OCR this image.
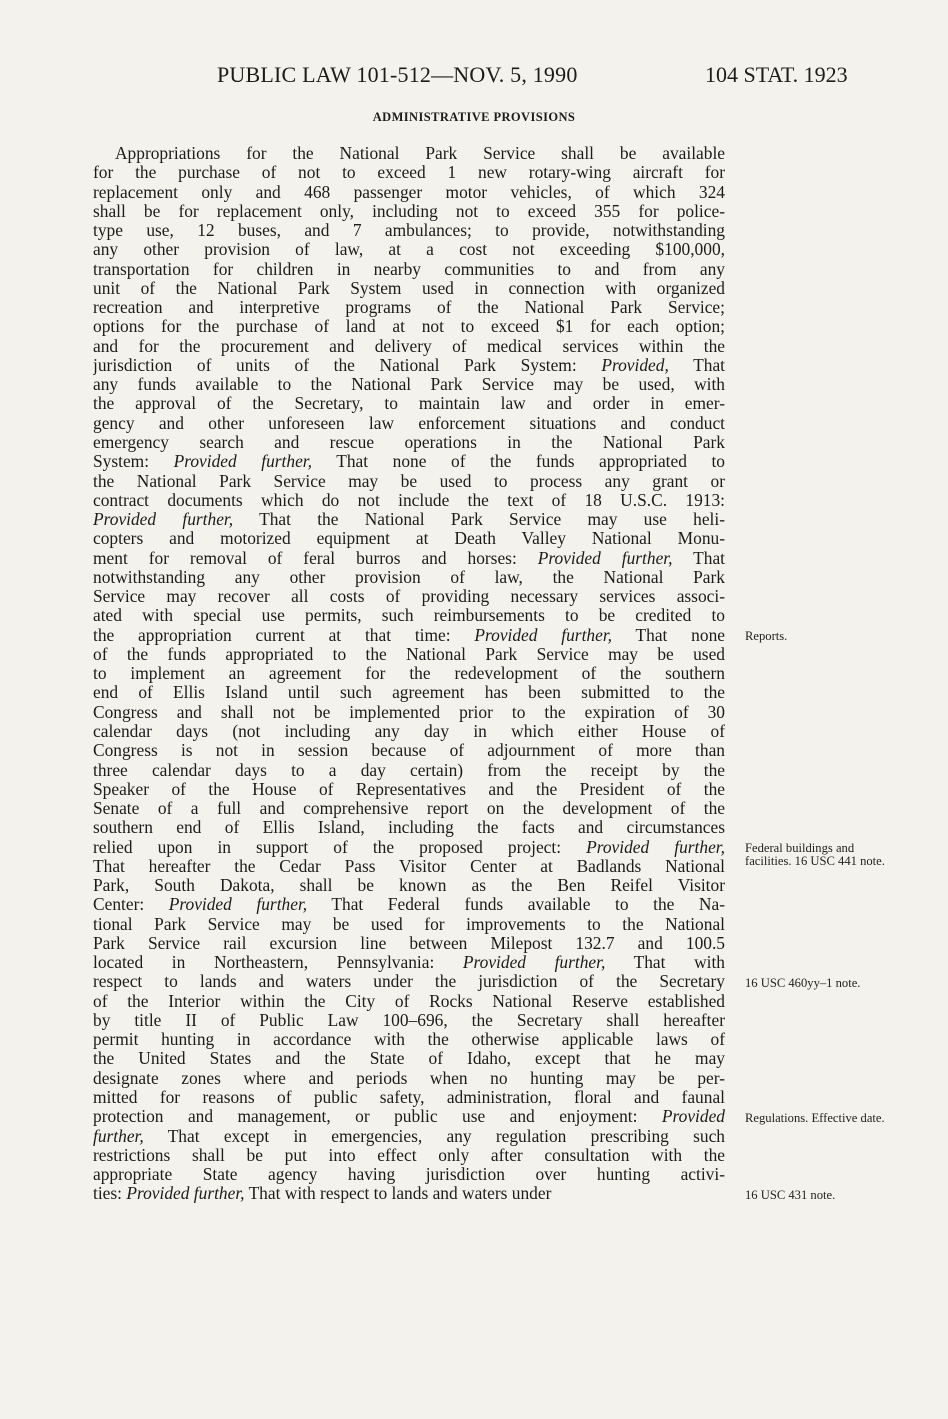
PUBLIC LAW 101-512—NOV. 5, 1990	104 STAT. 1923
ADMINISTRATIVE PROVISIONS
Appropriations for the National Park Service shall be available
for the purchase of not to exceed 1 new rotary-wing aircraft for
replacement only and 468 passenger motor vehicles, of which 324
shall be for replacement only, including not to exceed 355 for police-
type use, 12 buses, and 7 ambulances; to provide, notwithstanding
any other provision of law, at a cost not exceeding $100,000,
transportation for children in nearby communities to and from any
unit of the National Park System used in connection with organized
recreation and interpretive programs of the National Park Service;
options for the purchase of land at not to exceed $1 for each option;
and for the procurement and delivery of medical services within the
jurisdiction of units of the National Park System: Provided, That
any funds available to the National Park Service may be used, with
the approval of the Secretary, to maintain law and order in emer-
gency and other unforeseen law enforcement situations and conduct
emergency search and rescue operations in the National Park
System: Provided further, That none of the funds appropriated to
the National Park Service may be used to process any grant or
contract documents which do not include the text of 18 U.S.C. 1913:
Provided further, That the National Park Service may use heli-
copters and motorized equipment at Death Valley National Monu-
ment for removal of feral burros and horses: Provided further, That
notwithstanding any other provision of law, the National Park
Service may recover all costs of providing necessary services associ-
ated with special use permits, such reimbursements to be credited to
the appropriation current at that time: Provided further, That none
of the funds appropriated to the National Park Service may be used
to implement an agreement for the redevelopment of the southern
end of Ellis Island until such agreement has been submitted to the
Congress and shall not be implemented prior to the expiration of 30
calendar days (not including any day in which either House of
Congress is not in session because of adjournment of more than
three calendar days to a day certain) from the receipt by the
Speaker of the House of Representatives and the President of the
Senate of a full and comprehensive report on the development of the
southern end of Ellis Island, including the facts and circumstances
relied upon in support of the proposed project: Provided further,
That hereafter the Cedar Pass Visitor Center at Badlands National
Park, South Dakota, shall be known as the Ben Reifel Visitor
Center: Provided further, That Federal funds available to the Na-
tional Park Service may be used for improvements to the National
Park Service rail excursion line between Milepost 132.7 and 100.5
located in Northeastern, Pennsylvania: Provided further, That with
respect to lands and waters under the jurisdiction of the Secretary
of the Interior within the City of Rocks National Reserve established
by title II of Public Law 100–696, the Secretary shall hereafter
permit hunting in accordance with the otherwise applicable laws of
the United States and the State of Idaho, except that he may
designate zones where and periods when no hunting may be per-
mitted for reasons of public safety, administration, floral and faunal
protection and management, or public use and enjoyment: Provided
further, That except in emergencies, any regulation prescribing such
restrictions shall be put into effect only after consultation with the
appropriate State agency having jurisdiction over hunting activi-
ties: Provided further, That with respect to lands and waters under
Reports.
Federal buildings and facilities. 16 USC 441 note.
16 USC 460yy–1 note.
Regulations. Effective date.
16 USC 431 note.
